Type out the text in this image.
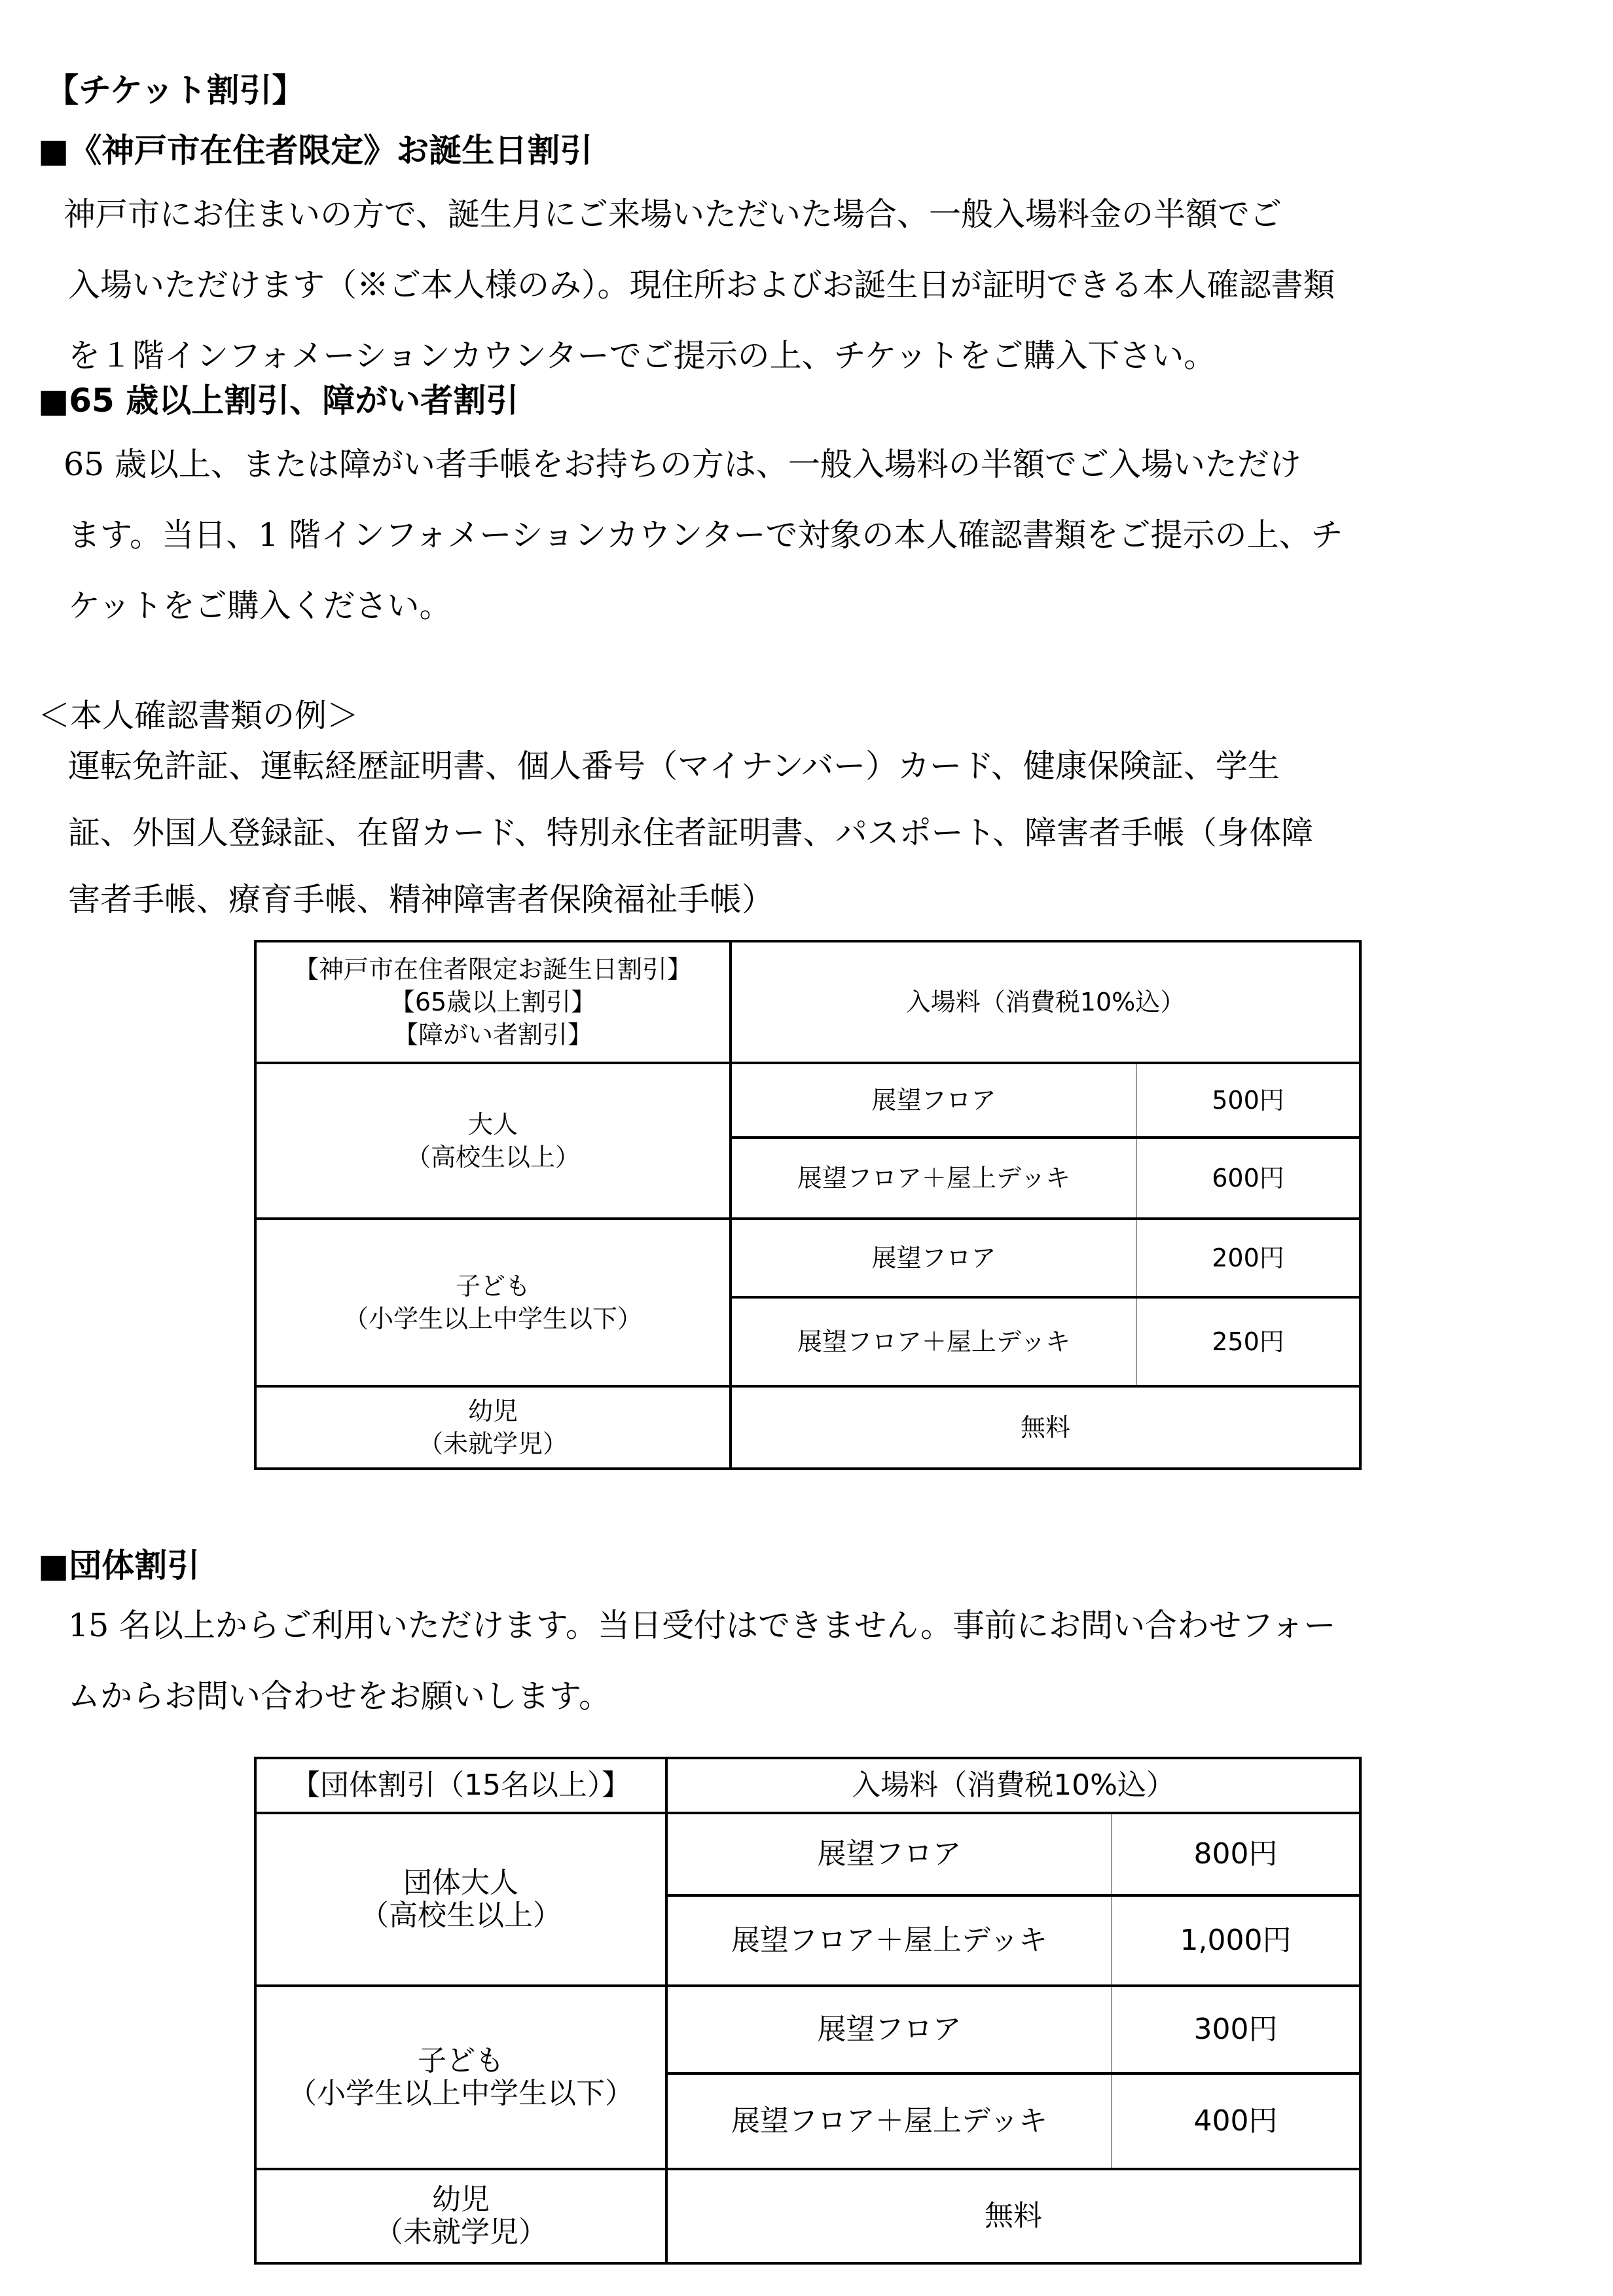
【チケット割引】
■《神戸市在住者限定》お誕生日割引

　神戸市にお住まいの方で、誕生月にご来場いただいた場合、一般入場料金の半額でご
入場いただけます（※ご本人様のみ）。現住所およびお誕生日が証明できる本人確認書類
を１階インフォメーションカウンターでご提示の上、チケットをご購入下さい。

■65 歳以上割引、障がい者割引

　65 歳以上、または障がい者手帳をお持ちの方は、一般入場料の半額でご入場いただけ
ます。当日、1 階インフォメーションカウンターで対象の本人確認書類をご提示の上、チ
ケットをご購入ください。

＜本人確認書類の例＞

運転免許証、運転経歴証明書、個人番号（マイナンバー）カード、健康保険証、学生
証、外国人登録証、在留カード、特別永住者証明書、パスポート、障害者手帳（身体障
害者手帳、療育手帳、精神障害者保険福祉手帳）

【神戸市在住者限定お誕生日割引】
【65歳以上割引】
【障がい者割引】	入場料（消費税10%込）	

大人
（高校生以上）	展望フロア	500円
	展望フロア＋屋上デッキ	600円

子ども
（小学生以上中学生以下）	展望フロア	200円
	展望フロア＋屋上デッキ	250円

幼児
（未就学児）	無料	
■団体割引

15 名以上からご利用いただけます。当日受付はできません。事前にお問い合わせフォー
ムからお問い合わせをお願いします。

【団体割引（15名以上）】	入場料（消費税10%込）	

団体大人
（高校生以上）	展望フロア	800円
	展望フロア＋屋上デッキ	1,000円

子ども
（小学生以上中学生以下）	展望フロア	300円
	展望フロア＋屋上デッキ	400円

幼児
（未就学児）	無料	
